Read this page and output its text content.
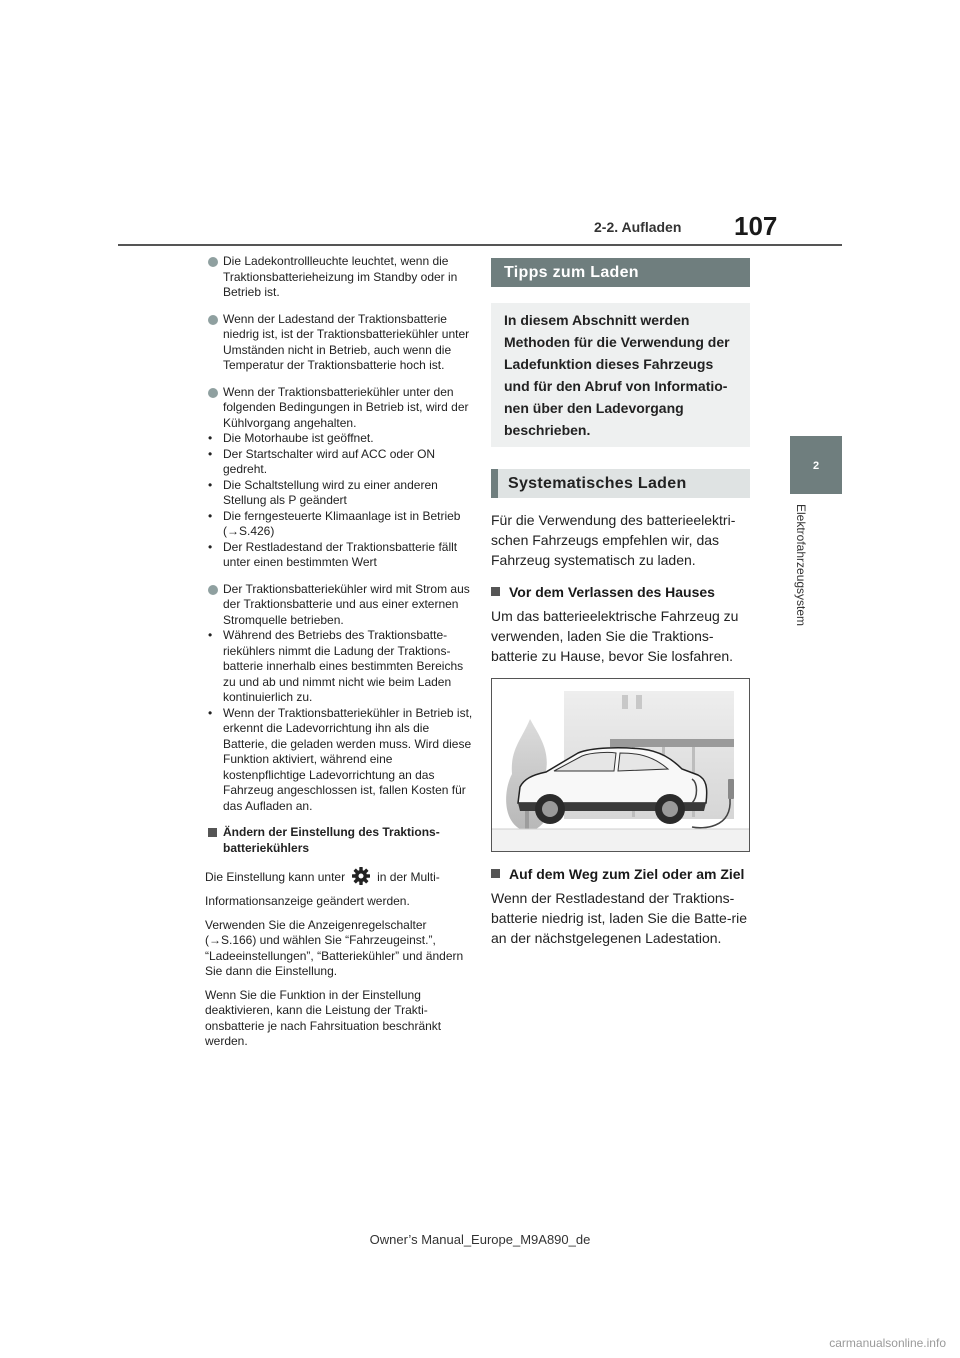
2-2. Aufladen 107
2
Elektrofahrzeugsystem
Die Ladekontrollleuchte leuchtet, wenn die Traktionsbatterieheizung im Standby oder in Betrieb ist.
Wenn der Ladestand der Traktionsbatterie niedrig ist, ist der Traktionsbatteriekühler unter Umständen nicht in Betrieb, auch wenn die Temperatur der Traktionsbatterie hoch ist.
Wenn der Traktionsbatteriekühler unter den folgenden Bedingungen in Betrieb ist, wird der Kühlvorgang angehalten.
• Die Motorhaube ist geöffnet.
• Der Startschalter wird auf ACC oder ON gedreht.
• Die Schaltstellung wird zu einer anderen Stellung als P geändert
• Die ferngesteuerte Klimaanlage ist in Betrieb (→S.426)
• Der Restladestand der Traktionsbatterie fällt unter einen bestimmten Wert
Der Traktionsbatteriekühler wird mit Strom aus der Traktionsbatterie und aus einer externen Stromquelle betrieben.
• Während des Betriebs des Traktionsbatte-riekühlers nimmt die Ladung der Traktions-batterie innerhalb eines bestimmten Bereichs zu und ab und nimmt nicht wie beim Laden kontinuierlich zu.
• Wenn der Traktionsbatteriekühler in Betrieb ist, erkennt die Ladevorrichtung ihn als die Batterie, die geladen werden muss. Wird diese Funktion aktiviert, während eine kostenpflichtige Ladevorrichtung an das Fahrzeug angeschlossen ist, fallen Kosten für das Aufladen an.
Ändern der Einstellung des Traktions-batteriekühlers
Die Einstellung kann unter	in der Multi-
Informationsanzeige geändert werden.
Verwenden Sie die Anzeigenregelschalter (→S.166) und wählen Sie “Fahrzeugeinst.”, “Ladeeinstellungen”, “Batteriekühler” und ändern Sie dann die Einstellung.
Wenn Sie die Funktion in der Einstellung deaktivieren, kann die Leistung der Trakti-onsbatterie je nach Fahrsituation beschränkt werden.
Tipps zum Laden
In diesem Abschnitt werden Methoden für die Verwendung der Ladefunktion dieses Fahrzeugs und für den Abruf von Informatio-nen über den Ladevorgang beschrieben.
Systematisches Laden
Für die Verwendung des batterieelektri-schen Fahrzeugs empfehlen wir, das Fahrzeug systematisch zu laden.
Vor dem Verlassen des Hauses
Um das batterieelektrische Fahrzeug zu verwenden, laden Sie die Traktions-batterie zu Hause, bevor Sie losfahren.
Auf dem Weg zum Ziel oder am Ziel
Wenn der Restladestand der Traktions-batterie niedrig ist, laden Sie die Batte-rie an der nächstgelegenen Ladestation.
Owner’s Manual_Europe_M9A890_de
carmanualsonline.info
